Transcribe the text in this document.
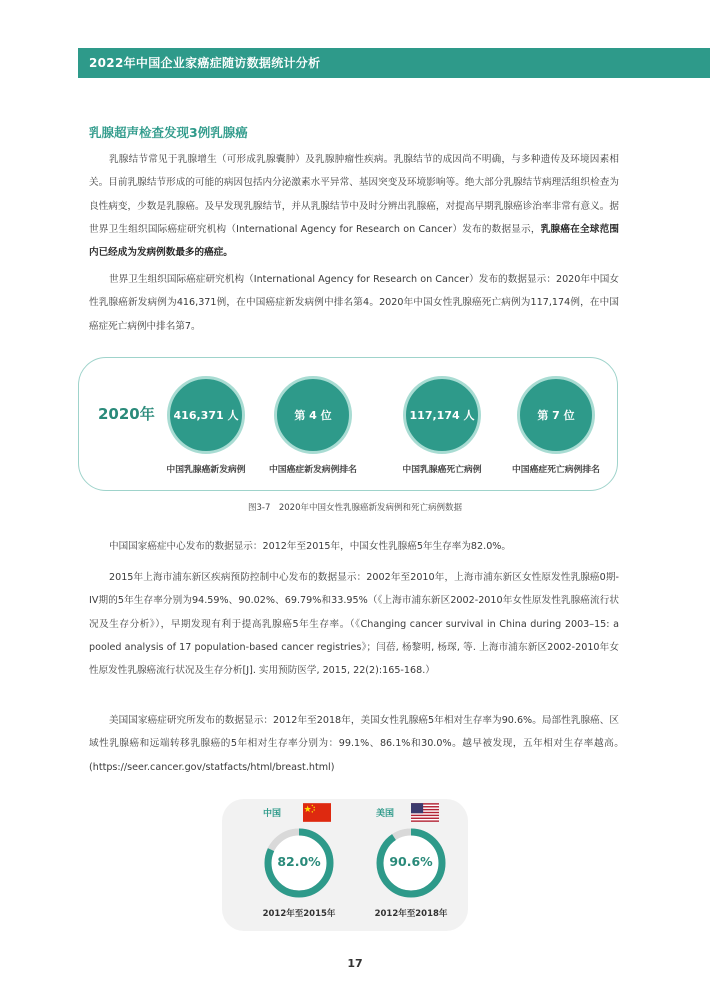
2022年中国企业家癌症随访数据统计分析
乳腺超声检查发现3例乳腺癌

乳腺结节常见于乳腺增生（可形成乳腺囊肿）及乳腺肿瘤性疾病。乳腺结节的成因尚不明确，与多种遗传及环境因素相关。目前乳腺结节形成的可能的病因包括内分泌激素水平异常、基因突变及环境影响等。绝大部分乳腺结节病理活组织检查为良性病变，少数是乳腺癌。及早发现乳腺结节，并从乳腺结节中及时分辨出乳腺癌，对提高早期乳腺癌诊治率非常有意义。据世界卫生组织国际癌症研究机构（International Agency for Research on Cancer）发布的数据显示，乳腺癌在全球范围内已经成为发病例数最多的癌症。

世界卫生组织国际癌症研究机构（International Agency for Research on Cancer）发布的数据显示：2020年中国女性乳腺癌新发病例为416,371例，在中国癌症新发病例中排名第4。2020年中国女性乳腺癌死亡病例为117,174例，在中国癌症死亡病例中排名第7。

2020年 416,371 人	第 4 位	117,174 人	第 7 位
中国乳腺癌新发病例	中国癌症新发病例排名	中国乳腺癌死亡病例	中国癌症死亡病例排名
图3-7　2020年中国女性乳腺癌新发病例和死亡病例数据

中国国家癌症中心发布的数据显示：2012年至2015年，中国女性乳腺癌5年生存率为82.0%。

2015年上海市浦东新区疾病预防控制中心发布的数据显示：2002年至2010年，上海市浦东新区女性原发性乳腺癌0期-IV期的5年生存率分别为94.59%、90.02%、69.79%和33.95%（《上海市浦东新区2002-2010年女性原发性乳腺癌流行状况及生存分析》），早期发现有利于提高乳腺癌5年生存率。（《Changing cancer survival in China during 2003–15: a pooled analysis of 17 population-based cancer registries》；闫蓓, 杨黎明, 杨琛, 等. 上海市浦东新区2002-2010年女性原发性乳腺癌流行状况及生存分析[J]. 实用预防医学, 2015, 22(2):165-168.）

美国国家癌症研究所发布的数据显示：2012年至2018年，美国女性乳腺癌5年相对生存率为90.6%。局部性乳腺癌、区域性乳腺癌和远端转移乳腺癌的5年相对生存率分别为：99.1%、86.1%和30.0%。越早被发现，五年相对生存率越高。　(https://seer.cancer.gov/statfacts/html/breast.html)

中国	美国
82.0%	90.6%
2012年至2015年	2012年至2018年
17
